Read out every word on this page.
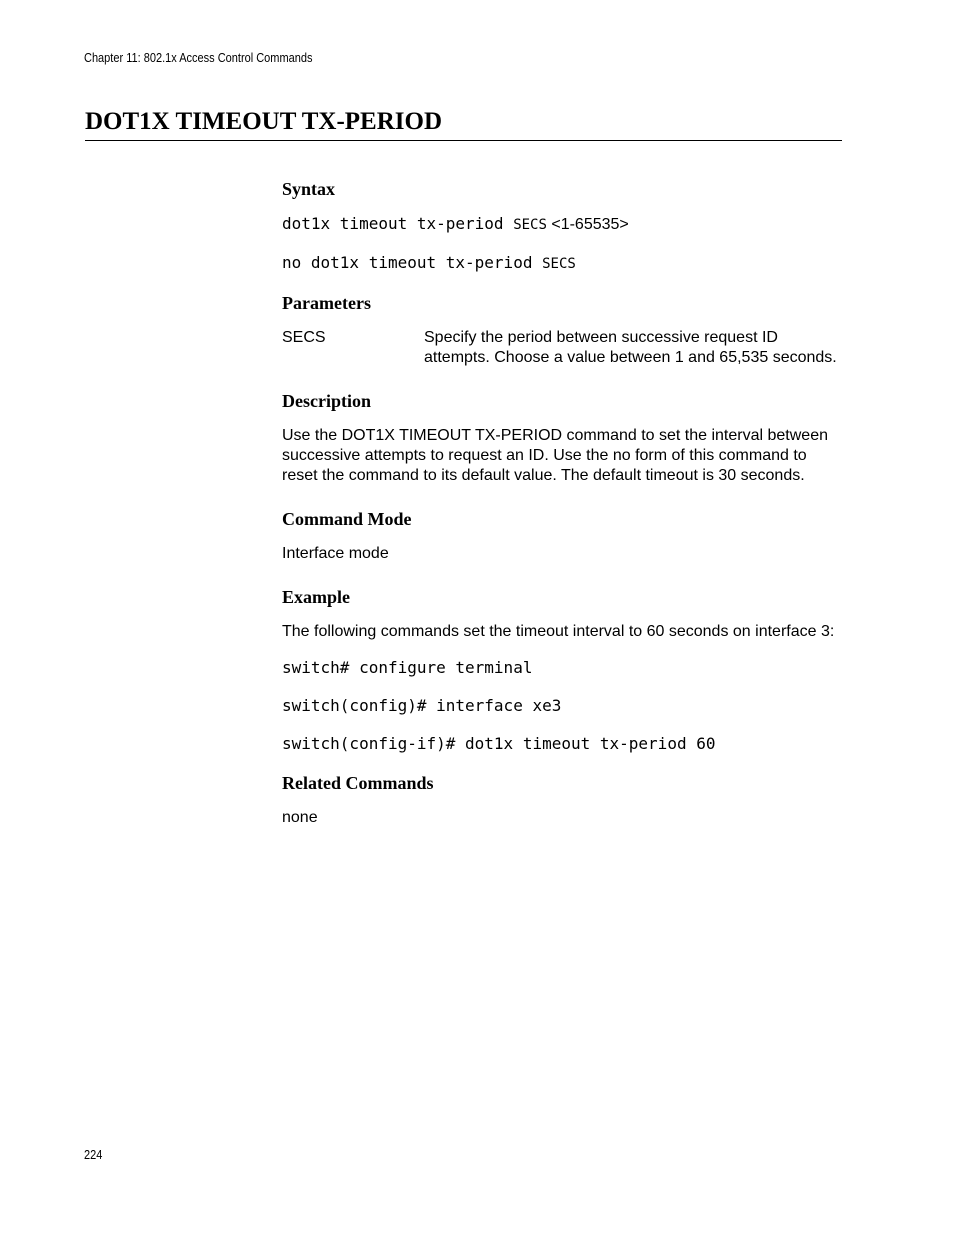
Chapter 11: 802.1x Access Control Commands
DOT1X TIMEOUT TX-PERIOD
Syntax
dot1x timeout tx-period SECS <1-65535>
no dot1x timeout tx-period SECS
Parameters
SECS	Specify the period between successive request ID attempts. Choose a value between 1 and 65,535 seconds.
Description
Use the DOT1X TIMEOUT TX-PERIOD command to set the interval between successive attempts to request an ID. Use the no form of this command to reset the command to its default value. The default timeout is 30 seconds.
Command Mode
Interface mode
Example
The following commands set the timeout interval to 60 seconds on interface 3:
switch# configure terminal
switch(config)# interface xe3
switch(config-if)# dot1x timeout tx-period 60
Related Commands
none
224
